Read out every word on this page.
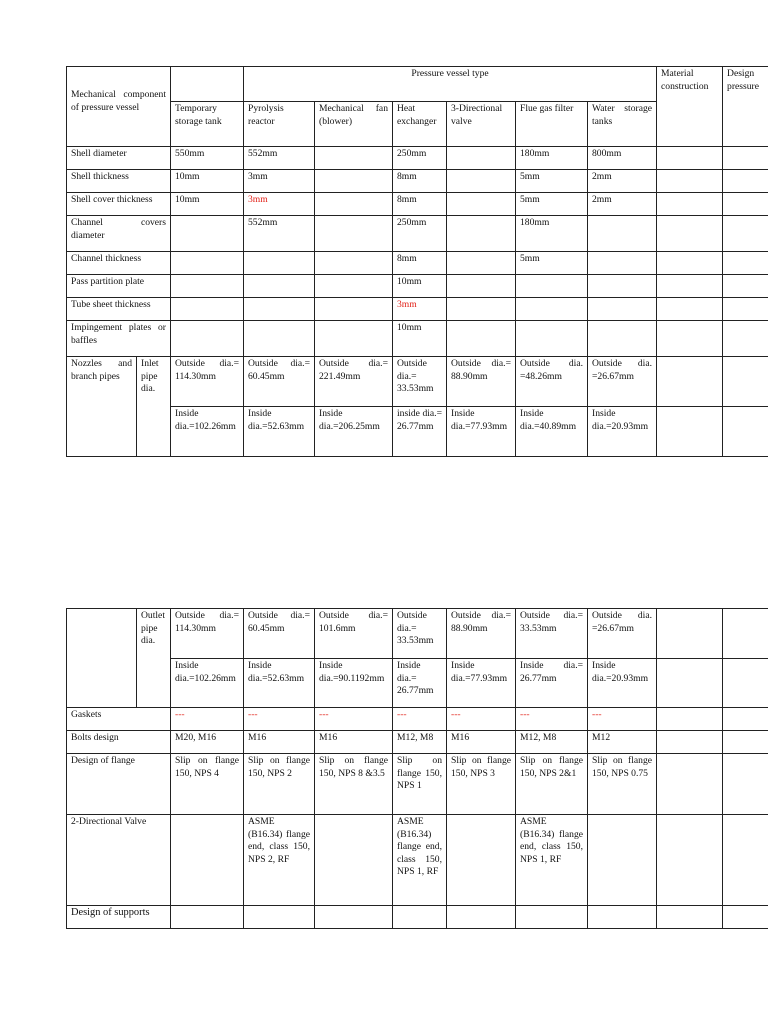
Mechanical component of pressure vessel			Pressure vessel type						Material construction	Design pressure
		Temporary storage tank	Pyrolysis reactor	Mechanical fan (blower)	Heat exchanger	3-Directional valve	Flue gas filter	Water storage tanks		
Shell diameter		550mm	552mm		250mm		180mm	800mm		
Shell thickness		10mm	3mm		8mm		5mm	2mm		
Shell cover thickness		10mm	3mm		8mm		5mm	2mm		
Channel covers diameter			552mm		250mm		180mm			
Channel thickness					8mm		5mm			
Pass partition plate					10mm					
Tube sheet thickness					3mm					
Impingement plates or baffles					10mm					
Nozzles and branch pipes	Inlet pipe dia.	Outside dia.= 114.30mm	Outside dia.= 60.45mm	Outside dia.= 221.49mm	Outside dia.= 33.53mm	Outside dia.= 88.90mm	Outside dia. =48.26mm	Outside dia. =26.67mm		
		Inside dia.=102.26mm	Inside dia.=52.63mm	Inside dia.=206.25mm	inside dia.= 26.77mm	Inside dia.=77.93mm	Inside dia.=40.89mm	Inside dia.=20.93mm		
	Outlet pipe dia.	Outside dia.= 114.30mm	Outside dia.= 60.45mm	Outside dia.= 101.6mm	Outside dia.= 33.53mm	Outside dia.= 88.90mm	Outside dia.= 33.53mm	Outside dia. =26.67mm		
		Inside dia.=102.26mm	Inside dia.=52.63mm	Inside dia.=90.1192mm	Inside dia.= 26.77mm	Inside dia.=77.93mm	Inside dia.= 26.77mm	Inside dia.=20.93mm		
Gaskets		---	---	---	---	---	---	---		
Bolts design		M20, M16	M16	M16	M12, M8	M16	M12, M8	M12		
Design of flange		Slip on flange 150, NPS 4	Slip on flange 150, NPS 2	Slip on flange 150, NPS 8 &3.5	Slip on flange 150, NPS 1	Slip on flange 150, NPS 3	Slip on flange 150, NPS 2&1	Slip on flange 150, NPS 0.75		
2-Directional Valve			ASME (B16.34) flange end, class 150, NPS 2, RF		ASME (B16.34) flange end, class 150, NPS 1, RF		ASME (B16.34) flange end, class 150, NPS 1, RF			
Design of supports										
